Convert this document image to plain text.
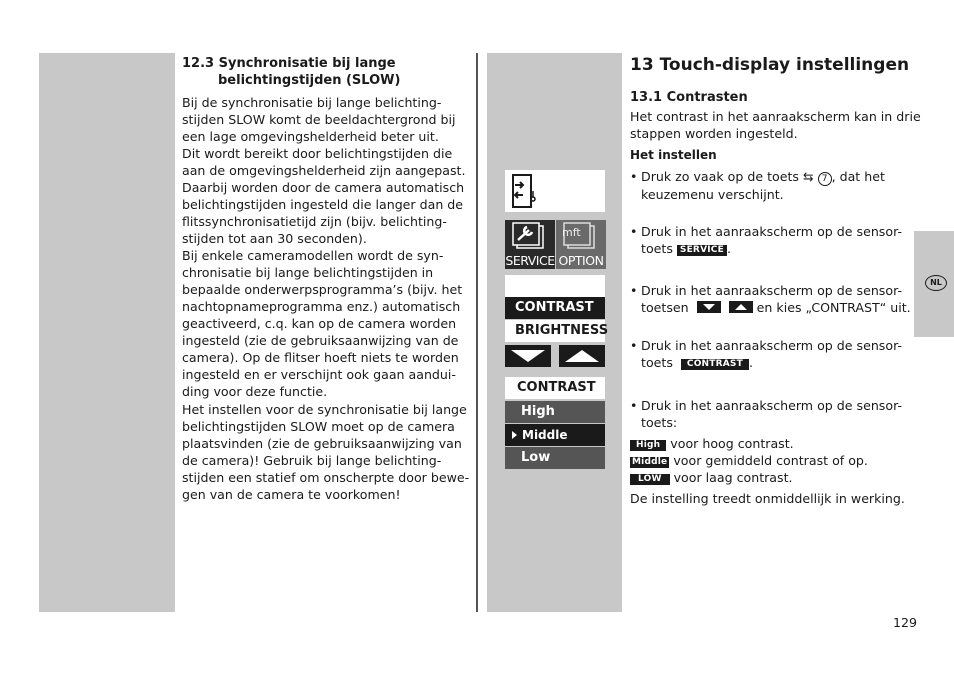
12.3 Synchronisatie bij lange
belichtingstijden (SLOW)
Bij de synchronisatie bij lange belichting-
stijden SLOW komt de beeldachtergrond bij
een lage omgevingshelderheid beter uit.
Dit wordt bereikt door belichtingstijden die
aan de omgevingshelderheid zijn aangepast.
Daarbij worden door de camera automatisch
belichtingstijden ingesteld die langer dan de
flitssynchronisatietijd zijn (bijv. belichting-
stijden tot aan 30 seconden).
Bij enkele cameramodellen wordt de syn-
chronisatie bij lange belichtingstijden in
bepaalde onderwerpsprogramma’s (bijv. het
nachtopnameprogramma enz.) automatisch
geactiveerd, c.q. kan op de camera worden
ingesteld (zie de gebruiksaanwijzing van de
camera). Op de flitser hoeft niets te worden
ingesteld en er verschijnt ook gaan aandui-
ding voor deze functie.
Het instellen voor de synchronisatie bij lange
belichtingstijden SLOW moet op de camera
plaatsvinden (zie de gebruiksaanwijzing van
de camera)! Gebruik bij lange belichting-
stijden een statief om onscherpte door bewe-
gen van de camera te voorkomen!
SERVICE
mft
OPTION
CONTRAST
BRIGHTNESS
CONTRAST
High
Middle
Low
13 Touch-display instellingen
13.1 Contrasten
Het contrast in het aanraakscherm kan in drie
stappen worden ingesteld.
Het instellen
• Druk zo vaak op de toets ⇆ 7 , dat het
keuzemenu verschijnt.
• Druk in het aanraakscherm op de sensor-
toets SERVICE .
• Druk in het aanraakscherm op de sensor-
toetsen	en kies „CONTRAST“ uit.
• Druk in het aanraakscherm op de sensor-
toets CONTRAST .
• Druk in het aanraakscherm op de sensor-
toets:
High voor hoog contrast.
Middle voor gemiddeld contrast of op.
LOW voor laag contrast.
De instelling treedt onmiddellijk in werking.
NL
129
